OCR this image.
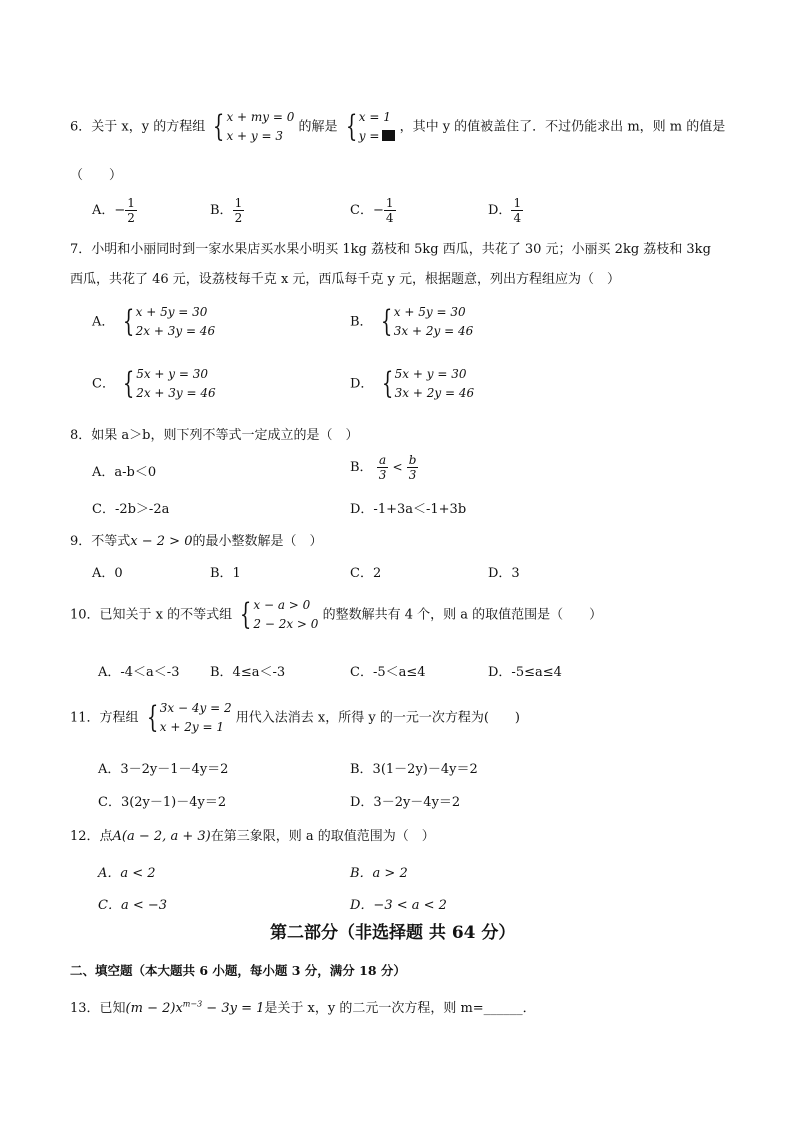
6．关于 x，y 的方程组 { x + my = 0
x + y = 3
的解是 { x = 1
y =
，其中 y 的值被盖住了．不过仍能求出 m，则 m 的值是
（　　）
A．− $\frac{1}{2}$	B． $\frac{1}{2}$	C．− $\frac{1}{4}$	D． $\frac{1}{4}$
7．小明和小丽同时到一家水果店买水果小明买 1kg 荔枝和 5kg 西瓜，共花了 30 元；小丽买 2kg 荔枝和 3kg
西瓜，共花了 46 元，设荔枝每千克 x 元，西瓜每千克 y 元，根据题意，列出方程组应为（　）
A． { x + 5y = 30
2x + 3y = 46
B． { x + 5y = 30
3x + 2y = 46
C． { 5x + y = 30
2x + 3y = 46
D． { 5x + y = 30
3x + 2y = 46
8．如果 a＞b，则下列不等式一定成立的是（　）
A．a-b＜0	B． $\frac{a}{3} < \frac{b}{3}$
C．-2b＞-2a	D．-1+3a＜-1+3b
9．不等式x − 2 > 0的最小整数解是（　）
A．0	B．1	C．2	D．3
10．已知关于 x 的不等式组 { x − a > 0
2 − 2x > 0
的整数解共有 4 个，则 a 的取值范围是（　　）
A．-4＜a＜-3 B．4≤a＜-3	C．-5＜a≤4	D．-5≤a≤4
11．方程组 { 3x − 4y = 2
x + 2y = 1
用代入法消去 x，所得 y 的一元一次方程为(　　)
A．3－2y－1－4y＝2	B．3(1－2y)－4y＝2
C．3(2y－1)－4y＝2	D．3－2y－4y＝2
12．点A(a − 2, a + 3)在第三象限，则 a 的取值范围为（　）
A．a < 2	B．a > 2
C．a < −3	D．−3 < a < 2
第二部分（非选择题 共 64 分）
二、填空题（本大题共 6 小题，每小题 3 分，满分 18 分）
13．已知$(m - 2)x^{m-3} - 3y = 1$是关于 x，y 的二元一次方程，则 m=______．
